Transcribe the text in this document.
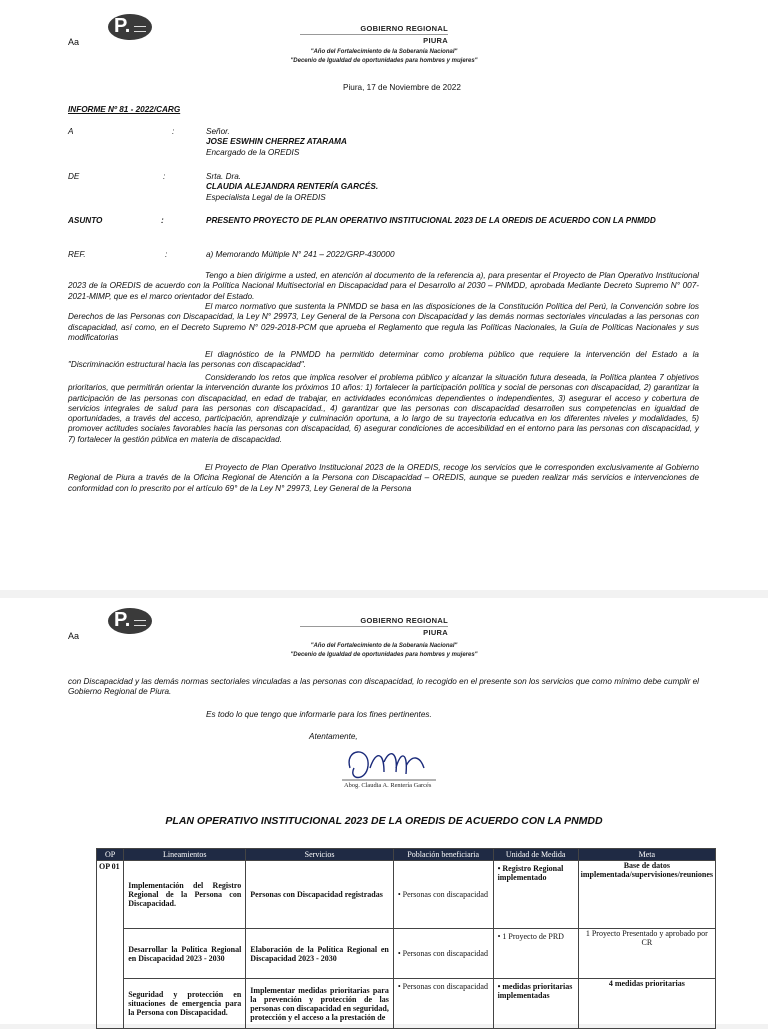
P.
Aa
GOBIERNO REGIONAL
PIURA
"Año del Fortalecimiento de la Soberanía Nacional"
"Decenio de Igualdad de oportunidades para hombres y mujeres"
Piura, 17 de Noviembre de 2022
INFORME Nº 81 - 2022/CARG
A	:	Señor.
JOSE ESWHIN CHERREZ ATARAMA
Encargado de la OREDIS
DE	:	Srta. Dra.
CLAUDIA ALEJANDRA RENTERÍA GARCÉS.
Especialista Legal de la OREDIS
ASUNTO	:	PRESENTO PROYECTO DE PLAN OPERATIVO INSTITUCIONAL 2023 DE LA OREDIS DE ACUERDO CON LA PNMDD
REF.	:	a) Memorando Múltiple N° 241 – 2022/GRP-430000
Tengo a bien dirigirme a usted, en atención al documento de la referencia a), para presentar el Proyecto de Plan Operativo Institucional 2023 de la OREDIS de acuerdo con la Política Nacional Multisectorial en Discapacidad para el Desarrollo al 2030 – PNMDD, aprobada Mediante Decreto Supremo N° 007-2021-MIMP, que es el marco orientador del Estado.
El marco normativo que sustenta la PNMDD se basa en las disposiciones de la Constitución Política del Perú, la Convención sobre los Derechos de las Personas con Discapacidad, la Ley N° 29973, Ley General de la Persona con Discapacidad y las demás normas sectoriales vinculadas a las personas con discapacidad, así como, en el Decreto Supremo N° 029-2018-PCM que aprueba el Reglamento que regula las Políticas Nacionales, la Guía de Políticas Nacionales y sus modificatorias
El diagnóstico de la PNMDD ha permitido determinar como problema público que requiere la intervención del Estado a la "Discriminación estructural hacia las personas con discapacidad".
Considerando los retos que implica resolver el problema público y alcanzar la situación futura deseada, la Política plantea 7 objetivos prioritarios, que permitirán orientar la intervención durante los próximos 10 años: 1) fortalecer la participación política y social de personas con discapacidad, 2) garantizar la participación de las personas con discapacidad, en edad de trabajar, en actividades económicas dependientes o independientes, 3) asegurar el acceso y cobertura de servicios integrales de salud para las personas con discapacidad., 4) garantizar que las personas con discapacidad desarrollen sus competencias en igualdad de oportunidades, a través del acceso, participación, aprendizaje y culminación oportuna, a lo largo de su trayectoria educativa en los diferentes niveles y modalidades, 5) promover actitudes sociales favorables hacia las personas con discapacidad, 6) asegurar condiciones de accesibilidad en el entorno para las personas con discapacidad, y 7) fortalecer la gestión pública en materia de discapacidad.
El Proyecto de Plan Operativo Institucional 2023 de la OREDIS, recoge los servicios que le corresponden exclusivamente al Gobierno Regional de Piura a través de la Oficina Regional de Atención a la Persona con Discapacidad – OREDIS, aunque se pueden realizar más servicios e intervenciones de conformidad con lo prescrito por el artículo 69° de la Ley N° 29973, Ley General de la Persona
P.
Aa
GOBIERNO REGIONAL
PIURA
"Año del Fortalecimiento de la Soberanía Nacional"
"Decenio de Igualdad de oportunidades para hombres y mujeres"
con Discapacidad y las demás normas sectoriales vinculadas a las personas con discapacidad, lo recogido en el presente son los servicios que como mínimo debe cumplir el Gobierno Regional de Piura.
Es todo lo que tengo que informarle para los fines pertinentes.
Atentamente,
Abog. Claudia A. Rentería Garcés
PLAN OPERATIVO INSTITUCIONAL 2023 DE LA OREDIS DE ACUERDO CON LA PNMDD
OP	Lineamientos	Servicios	Población beneficiaria	Unidad de Medida	Meta
OP 01	Implementación del Registro Regional de la Persona con Discapacidad.	Personas con Discapacidad registradas	• Personas con discapacidad	• Registro Regional implementado	Base de datos implementada/supervisiones/reuniones
	Desarrollar la Política Regional en Discapacidad 2023 - 2030	Elaboración de la Política Regional en Discapacidad 2023 - 2030	• Personas con discapacidad	• 1 Proyecto de PRD	1 Proyecto Presentado y aprobado por CR
	Seguridad y protección en situaciones de emergencia para la Persona con Discapacidad.	Implementar medidas prioritarias para la prevención y protección de las personas con discapacidad en seguridad, protección y el acceso a la prestación de	• Personas con discapacidad	• medidas prioritarias implementadas	4 medidas prioritarias
